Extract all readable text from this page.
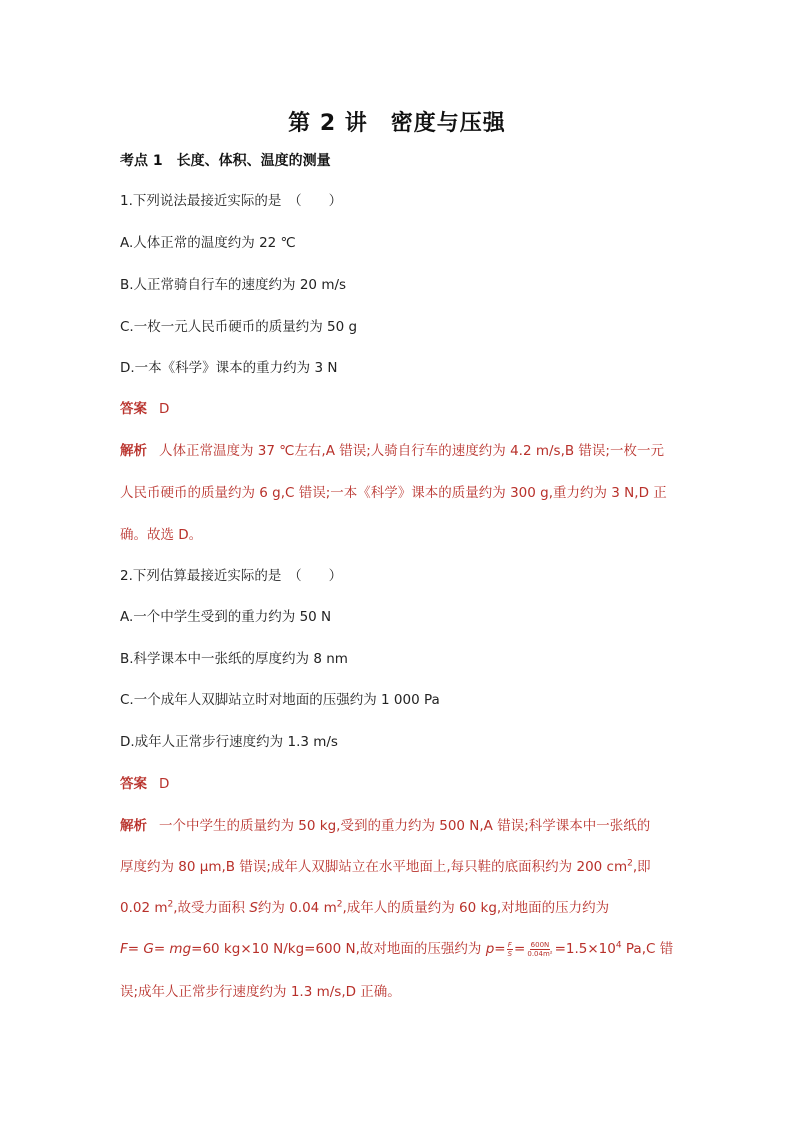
第 2 讲　密度与压强
考点 1　长度、体积、温度的测量
1.下列说法最接近实际的是　（　　）
A.人体正常的温度约为 22 ℃
B.人正常骑自行车的速度约为 20 m/s
C.一枚一元人民币硬币的质量约为 50 g
D.一本《科学》课本的重力约为 3 N
答案 D
解析 人体正常温度为 37 ℃左右,A 错误;人骑自行车的速度约为 4.2 m/s,B 错误;一枚一元
人民币硬币的质量约为 6 g,C 错误;一本《科学》课本的质量约为 300 g,重力约为 3 N,D 正
确。故选 D。
2.下列估算最接近实际的是　（　　）
A.一个中学生受到的重力约为 50 N
B.科学课本中一张纸的厚度约为 8 nm
C.一个成年人双脚站立时对地面的压强约为 1 000 Pa
D.成年人正常步行速度约为 1.3 m/s
答案 D
解析 一个中学生的质量约为 50 kg,受到的重力约为 500 N,A 错误;科学课本中一张纸的
厚度约为 80 μm,B 错误;成年人双脚站立在水平地面上,每只鞋的底面积约为 200 $cm^2$,即
0.02 $m^2$,故受力面积 S约为 0.04 $m^2$,成年人的质量约为 60 kg,对地面的压力约为
F= G= mg=60 kg×10 N/kg=600 N,故对地面的压强约为 $p= \frac{F}{S} = \frac{600N}{\text{0.04m²}} =1.5\times 10^4$ Pa,C 错
误;成年人正常步行速度约为 1.3 m/s,D 正确。
